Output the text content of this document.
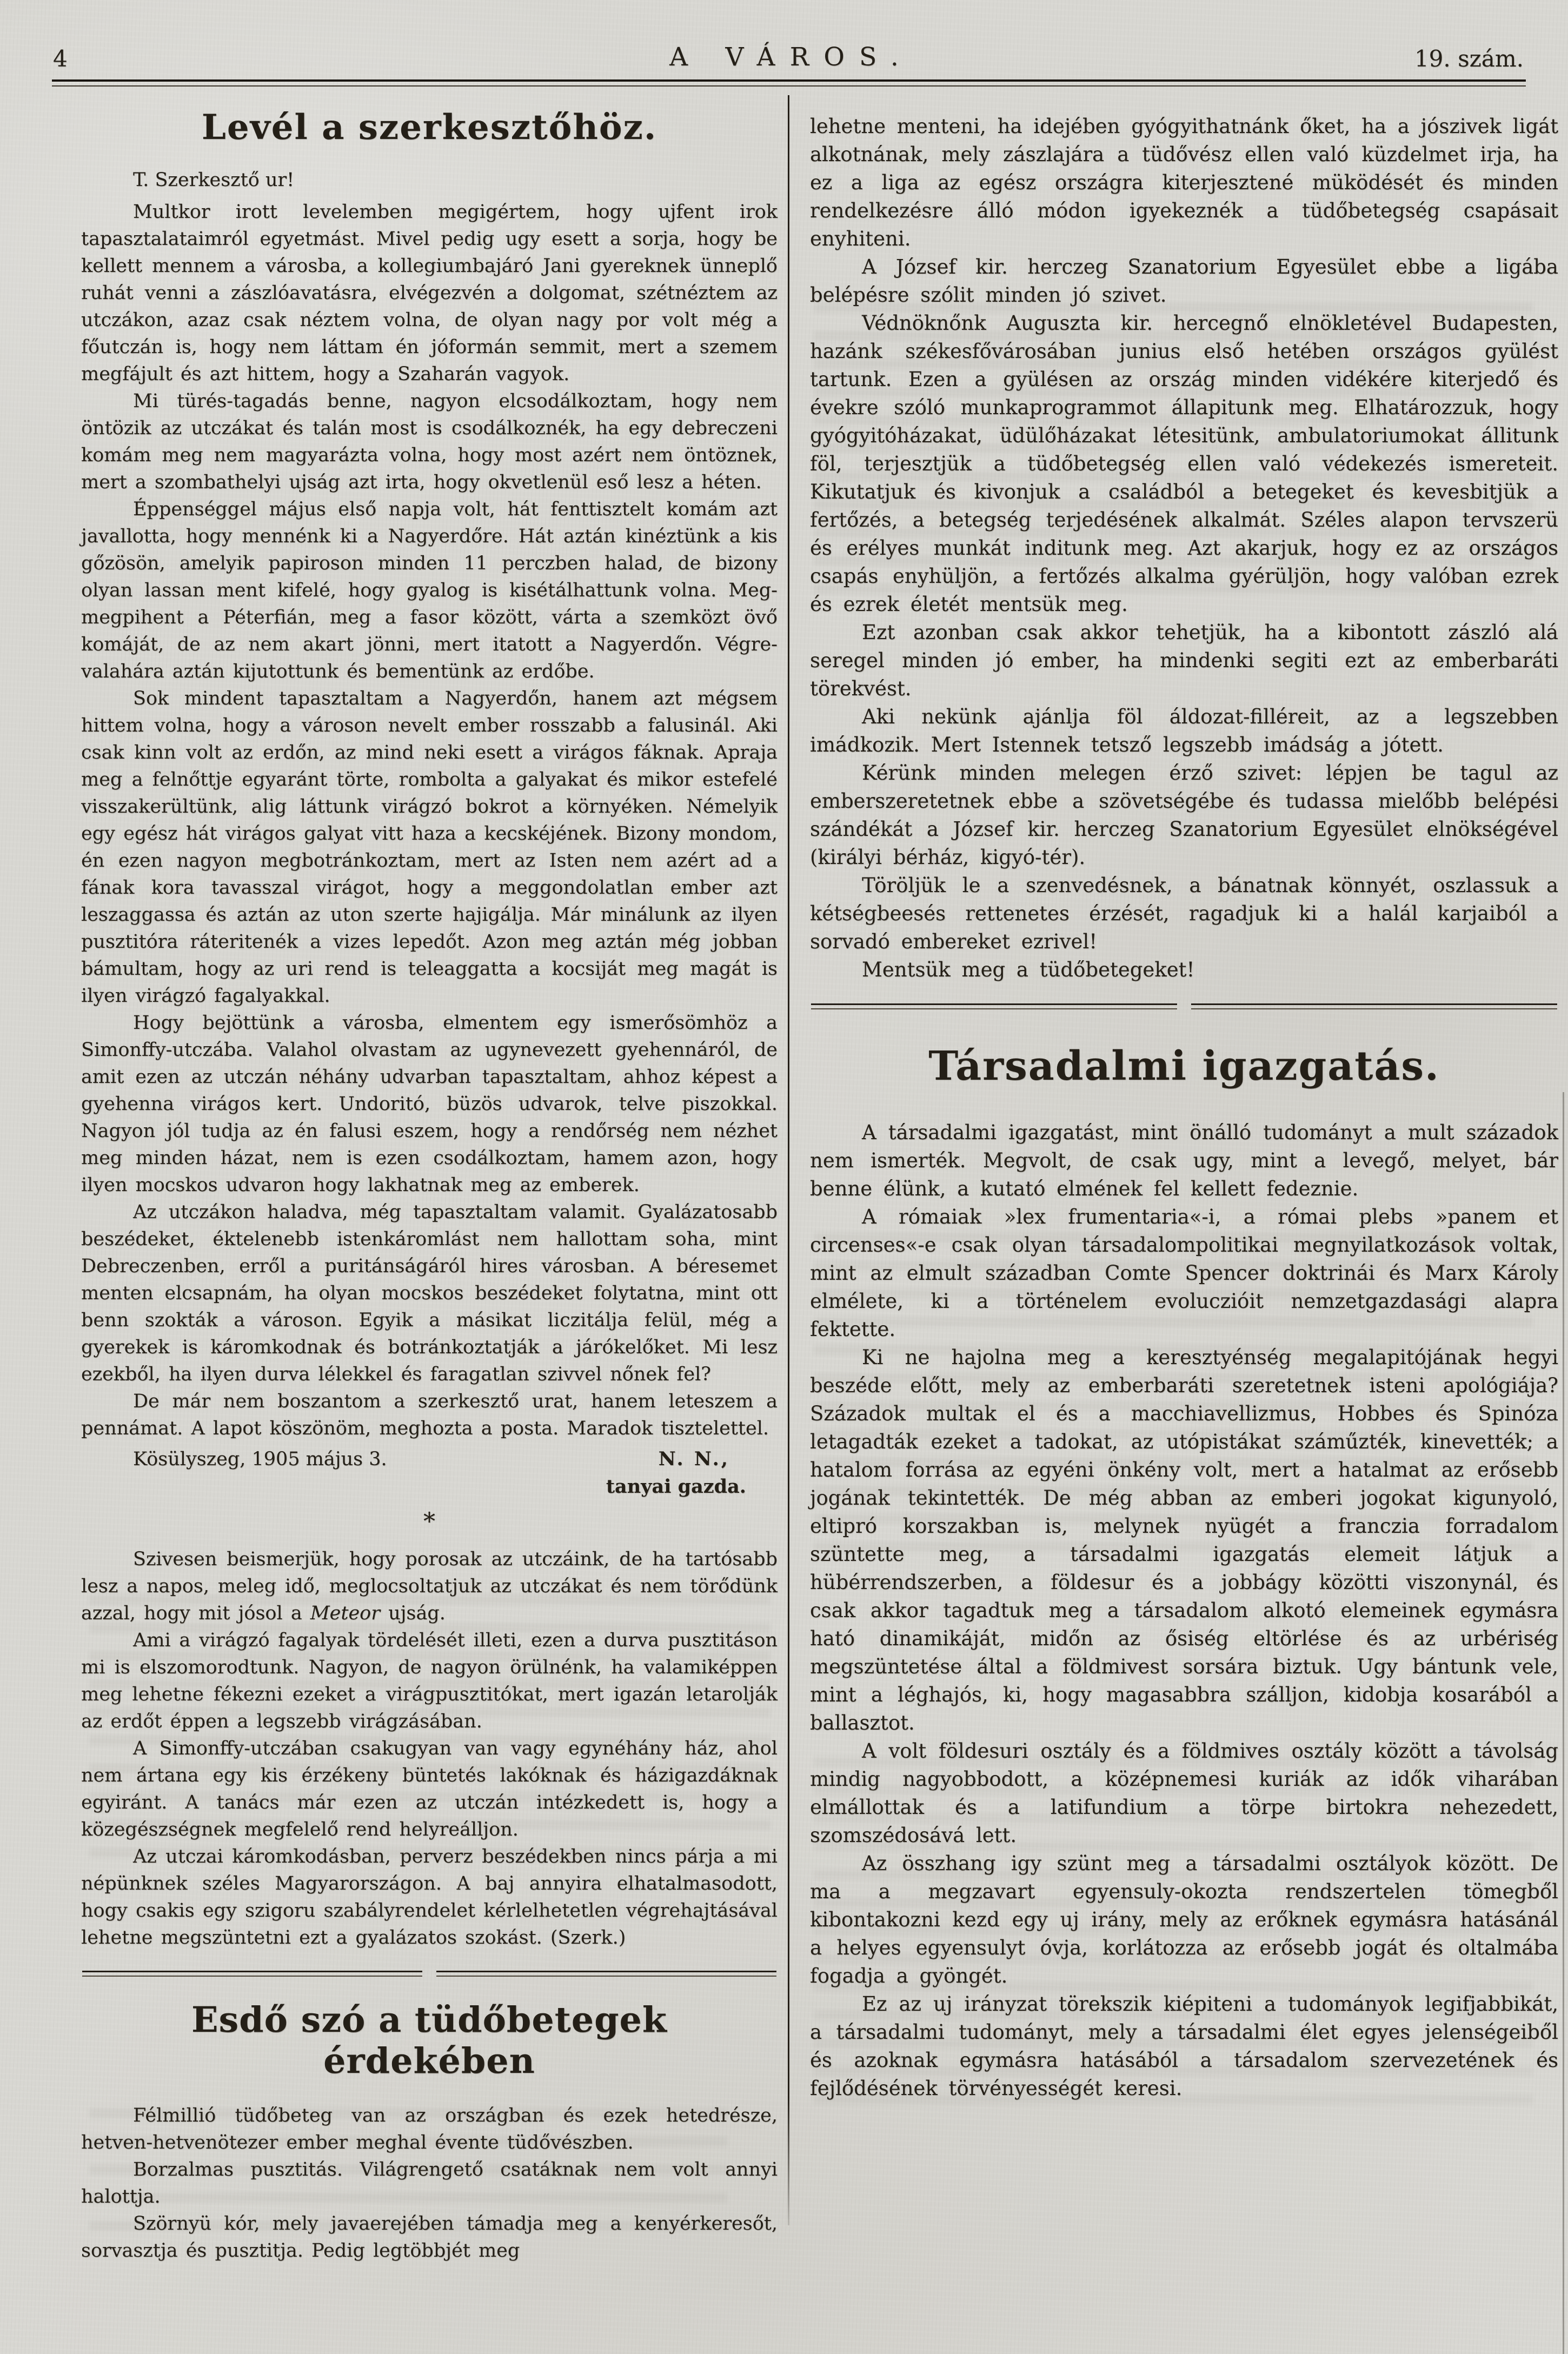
4	A VÁROS.	19. szám.
Levél a szerkesztőhöz.

T. Szerkesztő ur!

Multkor irott levelemben megigértem, hogy ujfent irok tapasztalataimról egyetmást. Mivel pedig ugy esett a sorja, hogy be kellett mennem a városba, a kollegiumbajáró Jani gyereknek ünneplő ruhát venni a zászlóavatásra, elvégezvén a dolgomat, szétnéztem az utczákon, azaz csak néztem volna, de olyan nagy por volt még a főutczán is, hogy nem láttam én jóformán semmit, mert a szemem megfájult és azt hittem, hogy a Szaharán vagyok.

Mi türés-tagadás benne, nagyon elcsodálkoztam, hogy nem öntözik az utczákat és talán most is csodálkoznék, ha egy debreczeni komám meg nem magyarázta volna, hogy most azért nem öntöznek, mert a szombathelyi ujság azt irta, hogy okvetlenül eső lesz a héten.

Éppenséggel május első napja volt, hát fenttisztelt komám azt javallotta, hogy mennénk ki a Nagyerdőre. Hát aztán kinéztünk a kis gőzösön, amelyik papiroson minden 11 perczben halad, de bizony olyan lassan ment kifelé, hogy gyalog is kisétálhattunk volna. Meg-megpihent a Péterfián, meg a fasor között, várta a szemközt övő komáját, de az nem akart jönni, mert itatott a Nagyerdőn. Végre-valahára aztán kijutottunk és bementünk az erdőbe.

Sok mindent tapasztaltam a Nagyerdőn, hanem azt mégsem hittem volna, hogy a városon nevelt ember rosszabb a falusinál. Aki csak kinn volt az erdőn, az mind neki esett a virágos fáknak. Apraja meg a felnőttje egyaránt törte, rombolta a galyakat és mikor estefelé visszakerültünk, alig láttunk virágzó bokrot a környéken. Némelyik egy egész hát virágos galyat vitt haza a kecskéjének. Bizony mondom, én ezen nagyon megbotránkoztam, mert az Isten nem azért ad a fának kora tavasszal virágot, hogy a meggondolatlan ember azt leszaggassa és aztán az uton szerte hajigálja. Már minálunk az ilyen pusztitóra ráteritenék a vizes lepedőt. Azon meg aztán még jobban bámultam, hogy az uri rend is teleaggatta a kocsiját meg magát is ilyen virágzó fagalyakkal.

Hogy bejöttünk a városba, elmentem egy ismerősömhöz a Simonffy-utczába. Valahol olvastam az ugynevezett gyehennáról, de amit ezen az utczán néhány udvarban tapasztaltam, ahhoz képest a gyehenna virágos kert. Undoritó, büzös udvarok, telve piszokkal. Nagyon jól tudja az én falusi eszem, hogy a rendőrség nem nézhet meg minden házat, nem is ezen csodálkoztam, hamem azon, hogy ilyen mocskos udvaron hogy lakhatnak meg az emberek.

Az utczákon haladva, még tapasztaltam valamit. Gyalázatosabb beszédeket, éktelenebb istenkáromlást nem hallottam soha, mint Debreczenben, erről a puritánságáról hires városban. A béresemet menten elcsapnám, ha olyan mocskos beszédeket folytatna, mint ott benn szokták a városon. Egyik a másikat liczitálja felül, még a gyerekek is káromkodnak és botránkoztatják a járókelőket. Mi lesz ezekből, ha ilyen durva lélekkel és faragatlan szivvel nőnek fel?

De már nem boszantom a szerkesztő urat, hanem leteszem a pennámat. A lapot köszönöm, meghozta a posta. Maradok tisztelettel.

Kösülyszeg, 1905 május 3.	N. N.,
tanyai gazda.
*

Szivesen beismerjük, hogy porosak az utczáink, de ha tartósabb lesz a napos, meleg idő, meglocsoltatjuk az utczákat és nem törődünk azzal, hogy mit jósol a Meteor ujság.

Ami a virágzó fagalyak tördelését illeti, ezen a durva pusztitáson mi is elszomorodtunk. Nagyon, de nagyon örülnénk, ha valamiképpen meg lehetne fékezni ezeket a virágpusztitókat, mert igazán letarolják az erdőt éppen a legszebb virágzásában.

A Simonffy-utczában csakugyan van vagy egynéhány ház, ahol nem ártana egy kis érzékeny büntetés lakóknak és házigazdáknak egyiránt. A tanács már ezen az utczán intézkedett is, hogy a közegészségnek megfelelő rend helyreálljon.

Az utczai káromkodásban, perverz beszédekben nincs párja a mi népünknek széles Magyarországon. A baj annyira elhatalmasodott, hogy csakis egy szigoru szabályrendelet kérlelhetetlen végrehajtásával lehetne megszüntetni ezt a gyalázatos szokást. (Szerk.)

Esdő szó a tüdőbetegek érdekében

Félmillió tüdőbeteg van az országban és ezek hetedrésze, hetven-hetvenötezer ember meghal évente tüdővészben.

Borzalmas pusztitás. Világrengető csatáknak nem volt annyi halottja.

Szörnyü kór, mely javaerejében támadja meg a kenyérkeresőt, sorvasztja és pusztitja. Pedig legtöbbjét meg

lehetne menteni, ha idejében gyógyithatnánk őket, ha a jószivek ligát alkotnának, mely zászlajára a tüdővész ellen való küzdelmet irja, ha ez a liga az egész országra kiterjesztené müködését és minden rendelkezésre álló módon igyekeznék a tüdőbetegség csapásait enyhiteni.

A József kir. herczeg Szanatorium Egyesület ebbe a ligába belépésre szólit minden jó szivet.

Védnöknőnk Auguszta kir. hercegnő elnökletével Budapesten, hazánk székesfővárosában junius első hetében országos gyülést tartunk. Ezen a gyülésen az ország minden vidékére kiterjedő és évekre szóló munkaprogrammot állapitunk meg. Elhatározzuk, hogy gyógyitóházakat, üdülőházakat létesitünk, ambulatoriumokat állitunk föl, terjesztjük a tüdőbetegség ellen való védekezés ismereteit. Kikutatjuk és kivonjuk a családból a betegeket és kevesbitjük a fertőzés, a betegség terjedésének alkalmát. Széles alapon tervszerü és erélyes munkát inditunk meg. Azt akarjuk, hogy ez az országos csapás enyhüljön, a fertőzés alkalma gyérüljön, hogy valóban ezrek és ezrek életét mentsük meg.

Ezt azonban csak akkor tehetjük, ha a kibontott zászló alá seregel minden jó ember, ha mindenki segiti ezt az emberbaráti törekvést.

Aki nekünk ajánlja föl áldozat-filléreit, az a legszebben imádkozik. Mert Istennek tetsző legszebb imádság a jótett.

Kérünk minden melegen érző szivet: lépjen be tagul az emberszeretetnek ebbe a szövetségébe és tudassa mielőbb belépési szándékát a József kir. herczeg Szanatorium Egyesület elnökségével (királyi bérház, kigyó-tér).

Töröljük le a szenvedésnek, a bánatnak könnyét, oszlassuk a kétségbeesés rettenetes érzését, ragadjuk ki a halál karjaiból a sorvadó embereket ezrivel!

Mentsük meg a tüdőbetegeket!

Társadalmi igazgatás.

A társadalmi igazgatást, mint önálló tudományt a mult századok nem ismerték. Megvolt, de csak ugy, mint a levegő, melyet, bár benne élünk, a kutató elmének fel kellett fedeznie.

A rómaiak »lex frumentaria«-i, a római plebs »panem et circenses«-e csak olyan társadalompolitikai megnyilatkozások voltak, mint az elmult században Comte Spencer doktrinái és Marx Károly elmélete, ki a történelem evoluczióit nemzetgazdasági alapra fektette.

Ki ne hajolna meg a keresztyénség megalapitójának hegyi beszéde előtt, mely az emberbaráti szeretetnek isteni apológiája? Századok multak el és a macchiavellizmus, Hobbes és Spinóza letagadták ezeket a tadokat, az utópistákat száműzték, kinevették; a hatalom forrása az egyéni önkény volt, mert a hatalmat az erősebb jogának tekintették. De még abban az emberi jogokat kigunyoló, eltipró korszakban is, melynek nyügét a franczia forradalom szüntette meg, a társadalmi igazgatás elemeit látjuk a hübérrendszerben, a földesur és a jobbágy közötti viszonynál, és csak akkor tagadtuk meg a társadalom alkotó elemeinek egymásra ható dinamikáját, midőn az ősiség eltörlése és az urbériség megszüntetése által a földmivest sorsára biztuk. Ugy bántunk vele, mint a léghajós, ki, hogy magasabbra szálljon, kidobja kosarából a ballasztot.

A volt földesuri osztály és a földmives osztály között a távolság mindig nagyobbodott, a középnemesi kuriák az idők viharában elmállottak és a latifundium a törpe birtokra nehezedett, szomszédosává lett.

Az összhang igy szünt meg a társadalmi osztályok között. De ma a megzavart egyensuly-okozta rendszertelen tömegből kibontakozni kezd egy uj irány, mely az erőknek egymásra hatásánál a helyes egyensulyt óvja, korlátozza az erősebb jogát és oltalmába fogadja a gyöngét.

Ez az uj irányzat törekszik kiépiteni a tudományok legifjabbikát, a társadalmi tudományt, mely a társadalmi élet egyes jelenségeiből és azoknak egymásra hatásából a társadalom szervezetének és fejlődésének törvényességét keresi.
